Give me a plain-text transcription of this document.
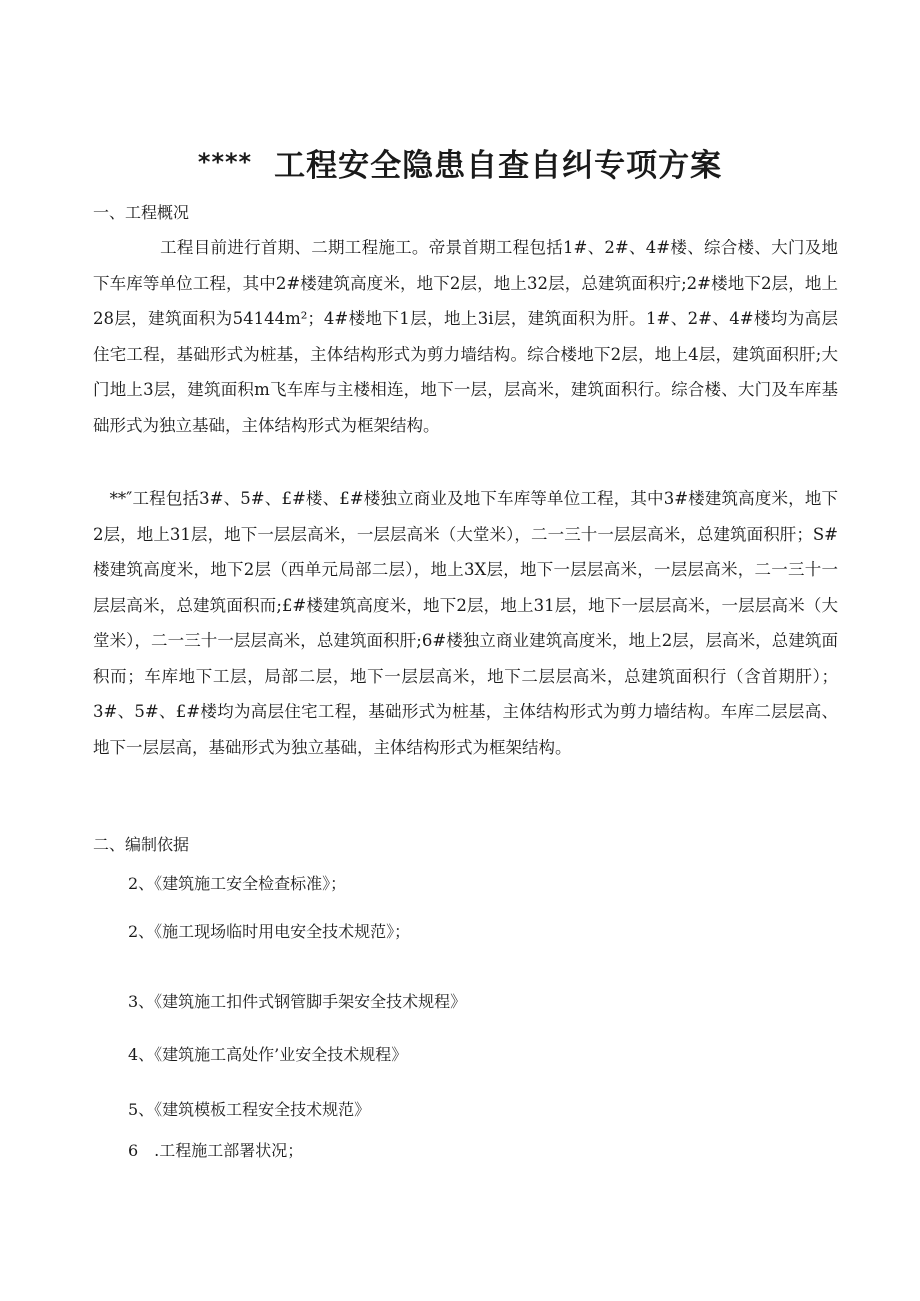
**** 工程安全隐患自查自纠专项方案

一、工程概况

　　　　工程目前进行首期、二期工程施工。帝景首期工程包括1#、2#、4#楼、综合楼、大门及地下车库等单位工程，其中2#楼建筑高度米，地下2层，地上32层，总建筑面积疔;2#楼地下2层，地上28层，建筑面积为54144m²；4#楼地下1层，地上3i层，建筑面积为肝。1#、2#、4#楼均为高层住宅工程，基础形式为桩基，主体结构形式为剪力墙结构。综合楼地下2层，地上4层，建筑面积肝;大门地上3层，建筑面积m飞车库与主楼相连，地下一层，层高米，建筑面积行。综合楼、大门及车库基础形式为独立基础，主体结构形式为框架结构。

　**″工程包括3#、5#、£#楼、£#楼独立商业及地下车库等单位工程，其中3#楼建筑高度米，地下2层，地上31层，地下一层层高米，一层层高米（大堂米），二一三十一层层高米，总建筑面积肝；S#楼建筑高度米，地下2层（西单元局部二层），地上3X层，地下一层层高米，一层层高米，二一三十一层层高米，总建筑面积而;£#楼建筑高度米，地下2层，地上31层，地下一层层高米，一层层高米（大堂米），二一三十一层层高米，总建筑面积肝;6#楼独立商业建筑高度米，地上2层，层高米，总建筑面积而；车库地下工层，局部二层，地下一层层高米，地下二层层高米，总建筑面积行（含首期肝）；3#、5#、£#楼均为高层住宅工程，基础形式为桩基，主体结构形式为剪力墙结构。车库二层层高、地下一层层高，基础形式为独立基础，主体结构形式为框架结构。

二、编制依据

2、《建筑施工安全检查标准》；

2、《施工现场临时用电安全技术规范》；

3、《建筑施工扣件式钢管脚手架安全技术规程》

4、《建筑施工高处作’业安全技术规程》

5、《建筑模板工程安全技术规范》

6　.工程施工部署状况；
